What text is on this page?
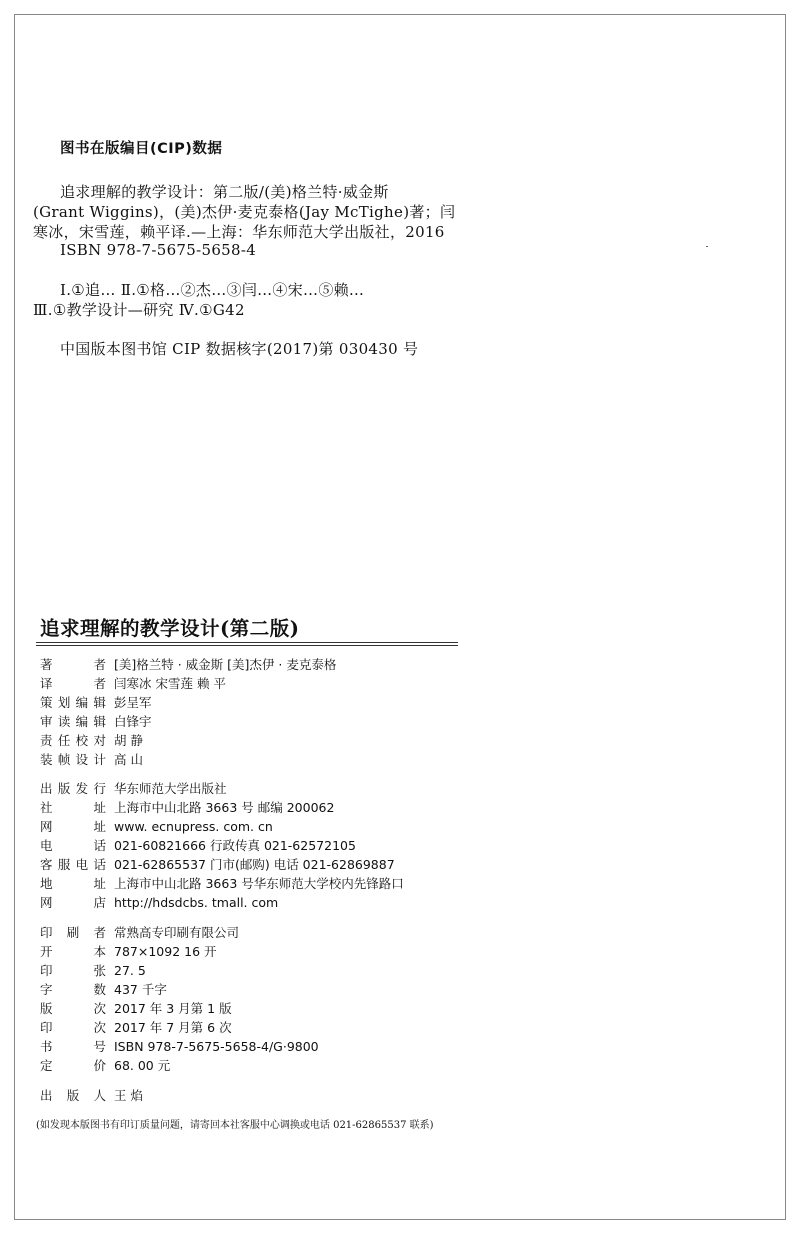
图书在版编目(CIP)数据
追求理解的教学设计：第二版/(美)格兰特·威金斯
(Grant Wiggins)，(美)杰伊·麦克泰格(Jay McTighe)著；闫
寒冰，宋雪莲，赖平译.—上海：华东师范大学出版社，2016
ISBN 978-7-5675-5658-4
Ⅰ.①追… Ⅱ.①格…②杰…③闫…④宋…⑤赖…
Ⅲ.①教学设计—研究 Ⅳ.①G42
中国版本图书馆 CIP 数据核字(2017)第 030430 号
追求理解的教学设计(第二版)
著者 [美]格兰特 · 威金斯 [美]杰伊 · 麦克泰格
译者 闫寒冰 宋雪莲 赖 平
策划编辑 彭呈军
审读编辑 白锋宇
责任校对 胡 静
装帧设计 高 山
出版发行 华东师范大学出版社
社址 上海市中山北路 3663 号 邮编 200062
网址 www. ecnupress. com. cn
电话 021-60821666 行政传真 021-62572105
客服电话 021-62865537 门市(邮购) 电话 021-62869887
地址 上海市中山北路 3663 号华东师范大学校内先锋路口
网店 http://hdsdcbs. tmall. com
印刷者 常熟高专印刷有限公司
开本 787×1092 16 开
印张 27. 5
字数 437 千字
版次 2017 年 3 月第 1 版
印次 2017 年 7 月第 6 次
书号 ISBN 978-7-5675-5658-4/G·9800
定价 68. 00 元
出版人 王 焰
(如发现本版图书有印订质量问题，请寄回本社客服中心调换或电话 021-62865537 联系)
